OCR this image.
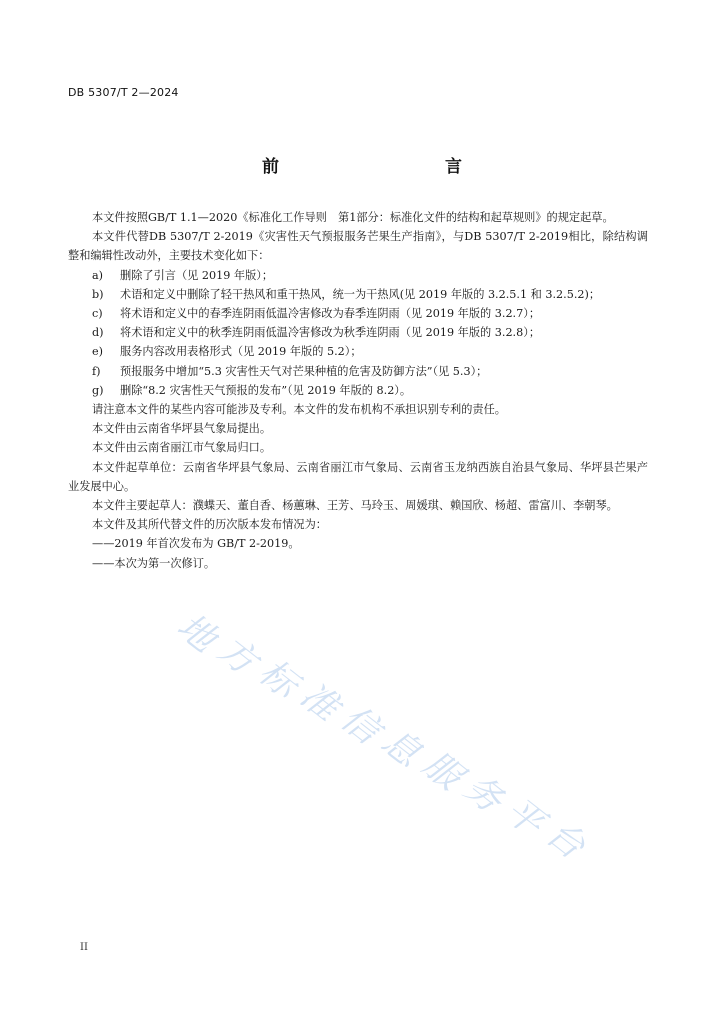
DB 5307/T 2—2024
前　　言

本文件按照GB/T 1.1—2020《标准化工作导则　第1部分：标准化文件的结构和起草规则》的规定起草。

本文件代替DB 5307/T 2-2019《灾害性天气预报服务芒果生产指南》，与DB 5307/T 2-2019相比，除结构调整和编辑性改动外，主要技术变化如下：

a)	删除了引言（见 2019 年版）；
b)	术语和定义中删除了轻干热风和重干热风，统一为干热风(见 2019 年版的 3.2.5.1 和 3.2.5.2)；
c)	将术语和定义中的春季连阴雨低温冷害修改为春季连阴雨（见 2019 年版的 3.2.7）；
d)	将术语和定义中的秋季连阴雨低温冷害修改为秋季连阴雨（见 2019 年版的 3.2.8）；
e)	服务内容改用表格形式（见 2019 年版的 5.2）；
f)	预报服务中增加“5.3 灾害性天气对芒果种植的危害及防御方法”（见 5.3）；
g)	删除“8.2 灾害性天气预报的发布”（见 2019 年版的 8.2）。

请注意本文件的某些内容可能涉及专利。本文件的发布机构不承担识别专利的责任。

本文件由云南省华坪县气象局提出。

本文件由云南省丽江市气象局归口。

本文件起草单位：云南省华坪县气象局、云南省丽江市气象局、云南省玉龙纳西族自治县气象局、华坪县芒果产业发展中心。

本文件主要起草人：濮蝶天、董自香、杨蕙琳、王芳、马玲玉、周媛琪、赖国欣、杨超、雷富川、李朝琴。

本文件及其所代替文件的历次版本发布情况为：

——2019 年首次发布为 GB/T 2-2019。

——本次为第一次修订。

地
方
标
准
信
息
服
务
平
台
II
